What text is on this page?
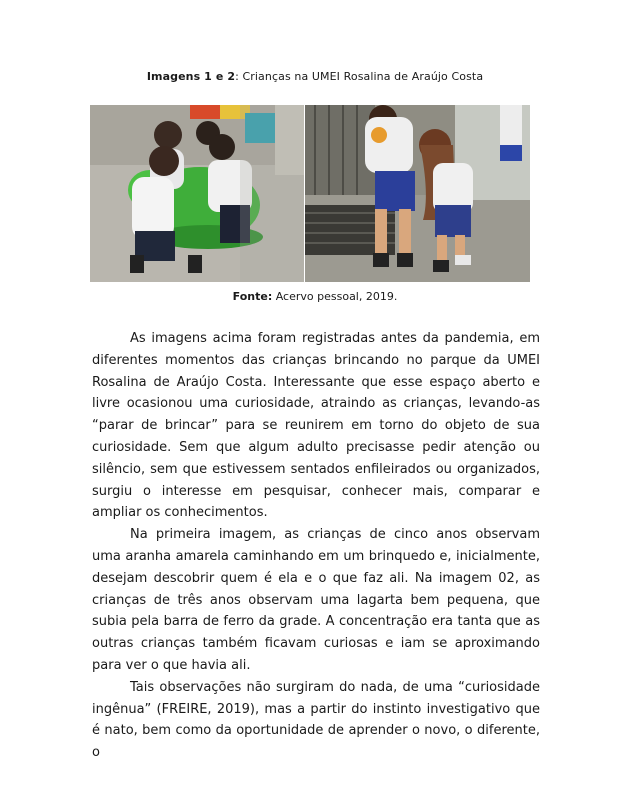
Imagens 1 e 2: Crianças na UMEI Rosalina de Araújo Costa
Fonte: Acervo pessoal, 2019.

As imagens acima foram registradas antes da pandemia, em diferentes momentos das crianças brincando no parque da UMEI Rosalina de Araújo Costa. Interessante que esse espaço aberto e livre ocasionou uma curiosidade, atraindo as crianças, levando-as “parar de brincar” para se reunirem em torno do objeto de sua curiosidade. Sem que algum adulto precisasse pedir atenção ou silêncio, sem que estivessem sentados enfileirados ou organizados, surgiu o interesse em pesquisar, conhecer mais, comparar e ampliar os conhecimentos.

Na primeira imagem, as crianças de cinco anos observam uma aranha amarela caminhando em um brinquedo e, inicialmente, desejam descobrir quem é ela e o que faz ali. Na imagem 02, as crianças de três anos observam uma lagarta bem pequena, que subia pela barra de ferro da grade. A concentração era tanta que as outras crianças também ficavam curiosas e iam se aproximando para ver o que havia ali.

Tais observações não surgiram do nada, de uma “curiosidade ingênua” (FREIRE, 2019), mas a partir do instinto investigativo que é nato, bem como da oportunidade de aprender o novo, o diferente, o
